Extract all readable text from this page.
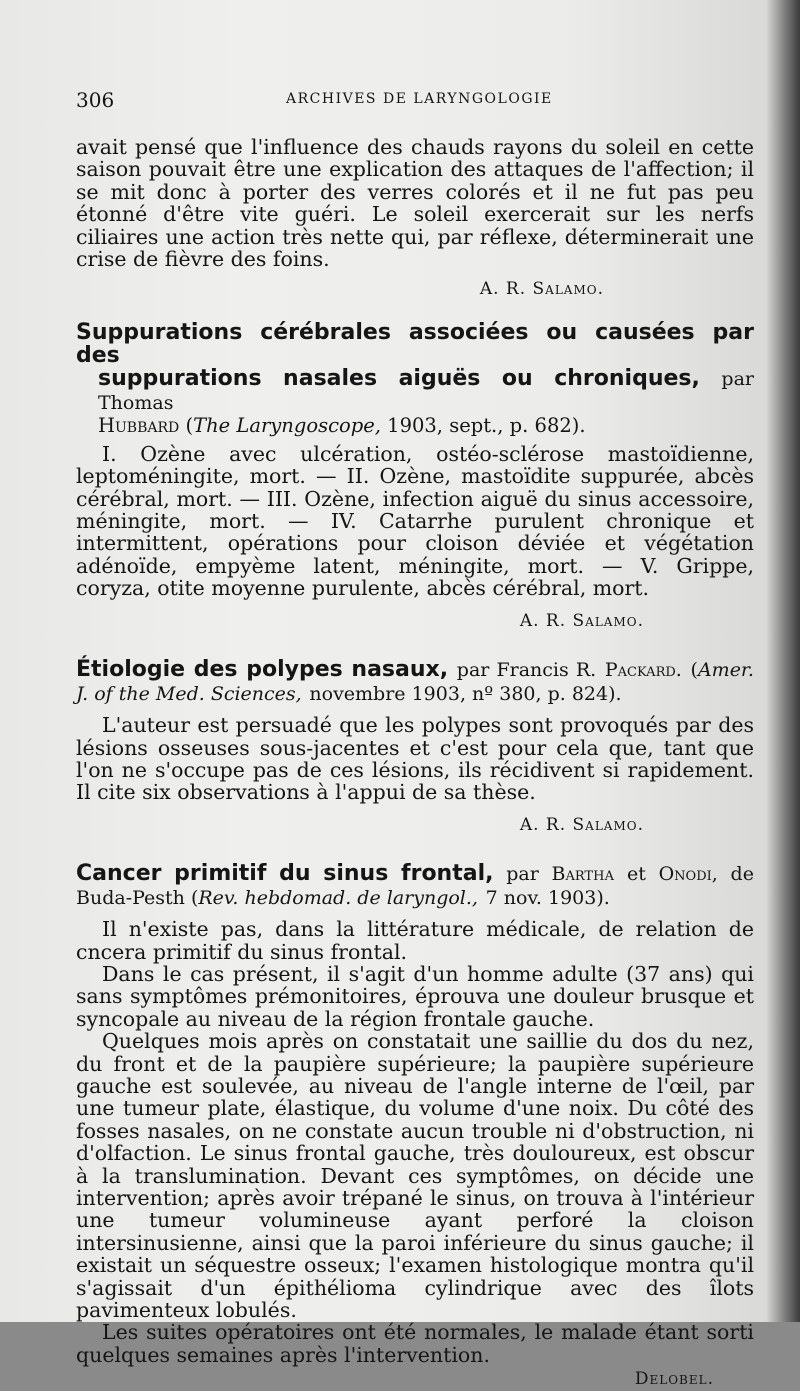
306	ARCHIVES DE LARYNGOLOGIE

avait pensé que l'influence des chauds rayons du soleil en cette saison pouvait être une explication des attaques de l'affection; il se mit donc à porter des verres colorés et il ne fut pas peu étonné d'être vite guéri. Le soleil exercerait sur les nerfs ciliaires une action très nette qui, par réflexe, déterminerait une crise de fièvre des foins.

A. R. Salamo.

Suppurations cérébrales associées ou causées par des
suppurations nasales aiguës ou chroniques, par Thomas

Hubbard (The Laryngoscope, 1903, sept., p. 682).

I. Ozène avec ulcération, ostéo-sclérose mastoïdienne, leptoméningite, mort. — II. Ozène, mastoïdite suppurée, abcès cérébral, mort. — III. Ozène, infection aiguë du sinus accessoire, méningite, mort. — IV. Catarrhe purulent chronique et intermittent, opérations pour cloison déviée et végétation adénoïde, empyème latent, méningite, mort. — V. Grippe, coryza, otite moyenne purulente, abcès cérébral, mort.

A. R. Salamo.

Étiologie des polypes nasaux, par Francis R. Packard. (Amer. J. of the Med. Sciences, novembre 1903, nº 380, p. 824).

L'auteur est persuadé que les polypes sont provoqués par des lésions osseuses sous-jacentes et c'est pour cela que, tant que l'on ne s'occupe pas de ces lésions, ils récidivent si rapidement. Il cite six observations à l'appui de sa thèse.

A. R. Salamo.

Cancer primitif du sinus frontal, par Barthа et Onodi, de Buda-Pesth (Rev. hebdomad. de laryngol., 7 nov. 1903).

Il n'existe pas, dans la littérature médicale, de relation de cncera primitif du sinus frontal.

Dans le cas présent, il s'agit d'un homme adulte (37 ans) qui sans symptômes prémonitoires, éprouva une douleur brusque et syncopale au niveau de la région frontale gauche.

Quelques mois après on constatait une saillie du dos du nez, du front et de la paupière supérieure; la paupière supérieure gauche est soulevée, au niveau de l'angle interne de l'œil, par une tumeur plate, élastique, du volume d'une noix. Du côté des fosses nasales, on ne constate aucun trouble ni d'obstruction, ni d'olfaction. Le sinus frontal gauche, très douloureux, est obscur à la translumination. Devant ces symptômes, on décide une intervention; après avoir trépané le sinus, on trouva à l'intérieur une tumeur volumineuse ayant perforé la cloison intersinusienne, ainsi que la paroi inférieure du sinus gauche; il existait un séquestre osseux; l'examen histologique montra qu'il s'agissait d'un épithélioma cylindrique avec des îlots pavimenteux lobulés.

Les suites opératoires ont été normales, le malade étant sorti quelques semaines après l'intervention.

Delobel.
